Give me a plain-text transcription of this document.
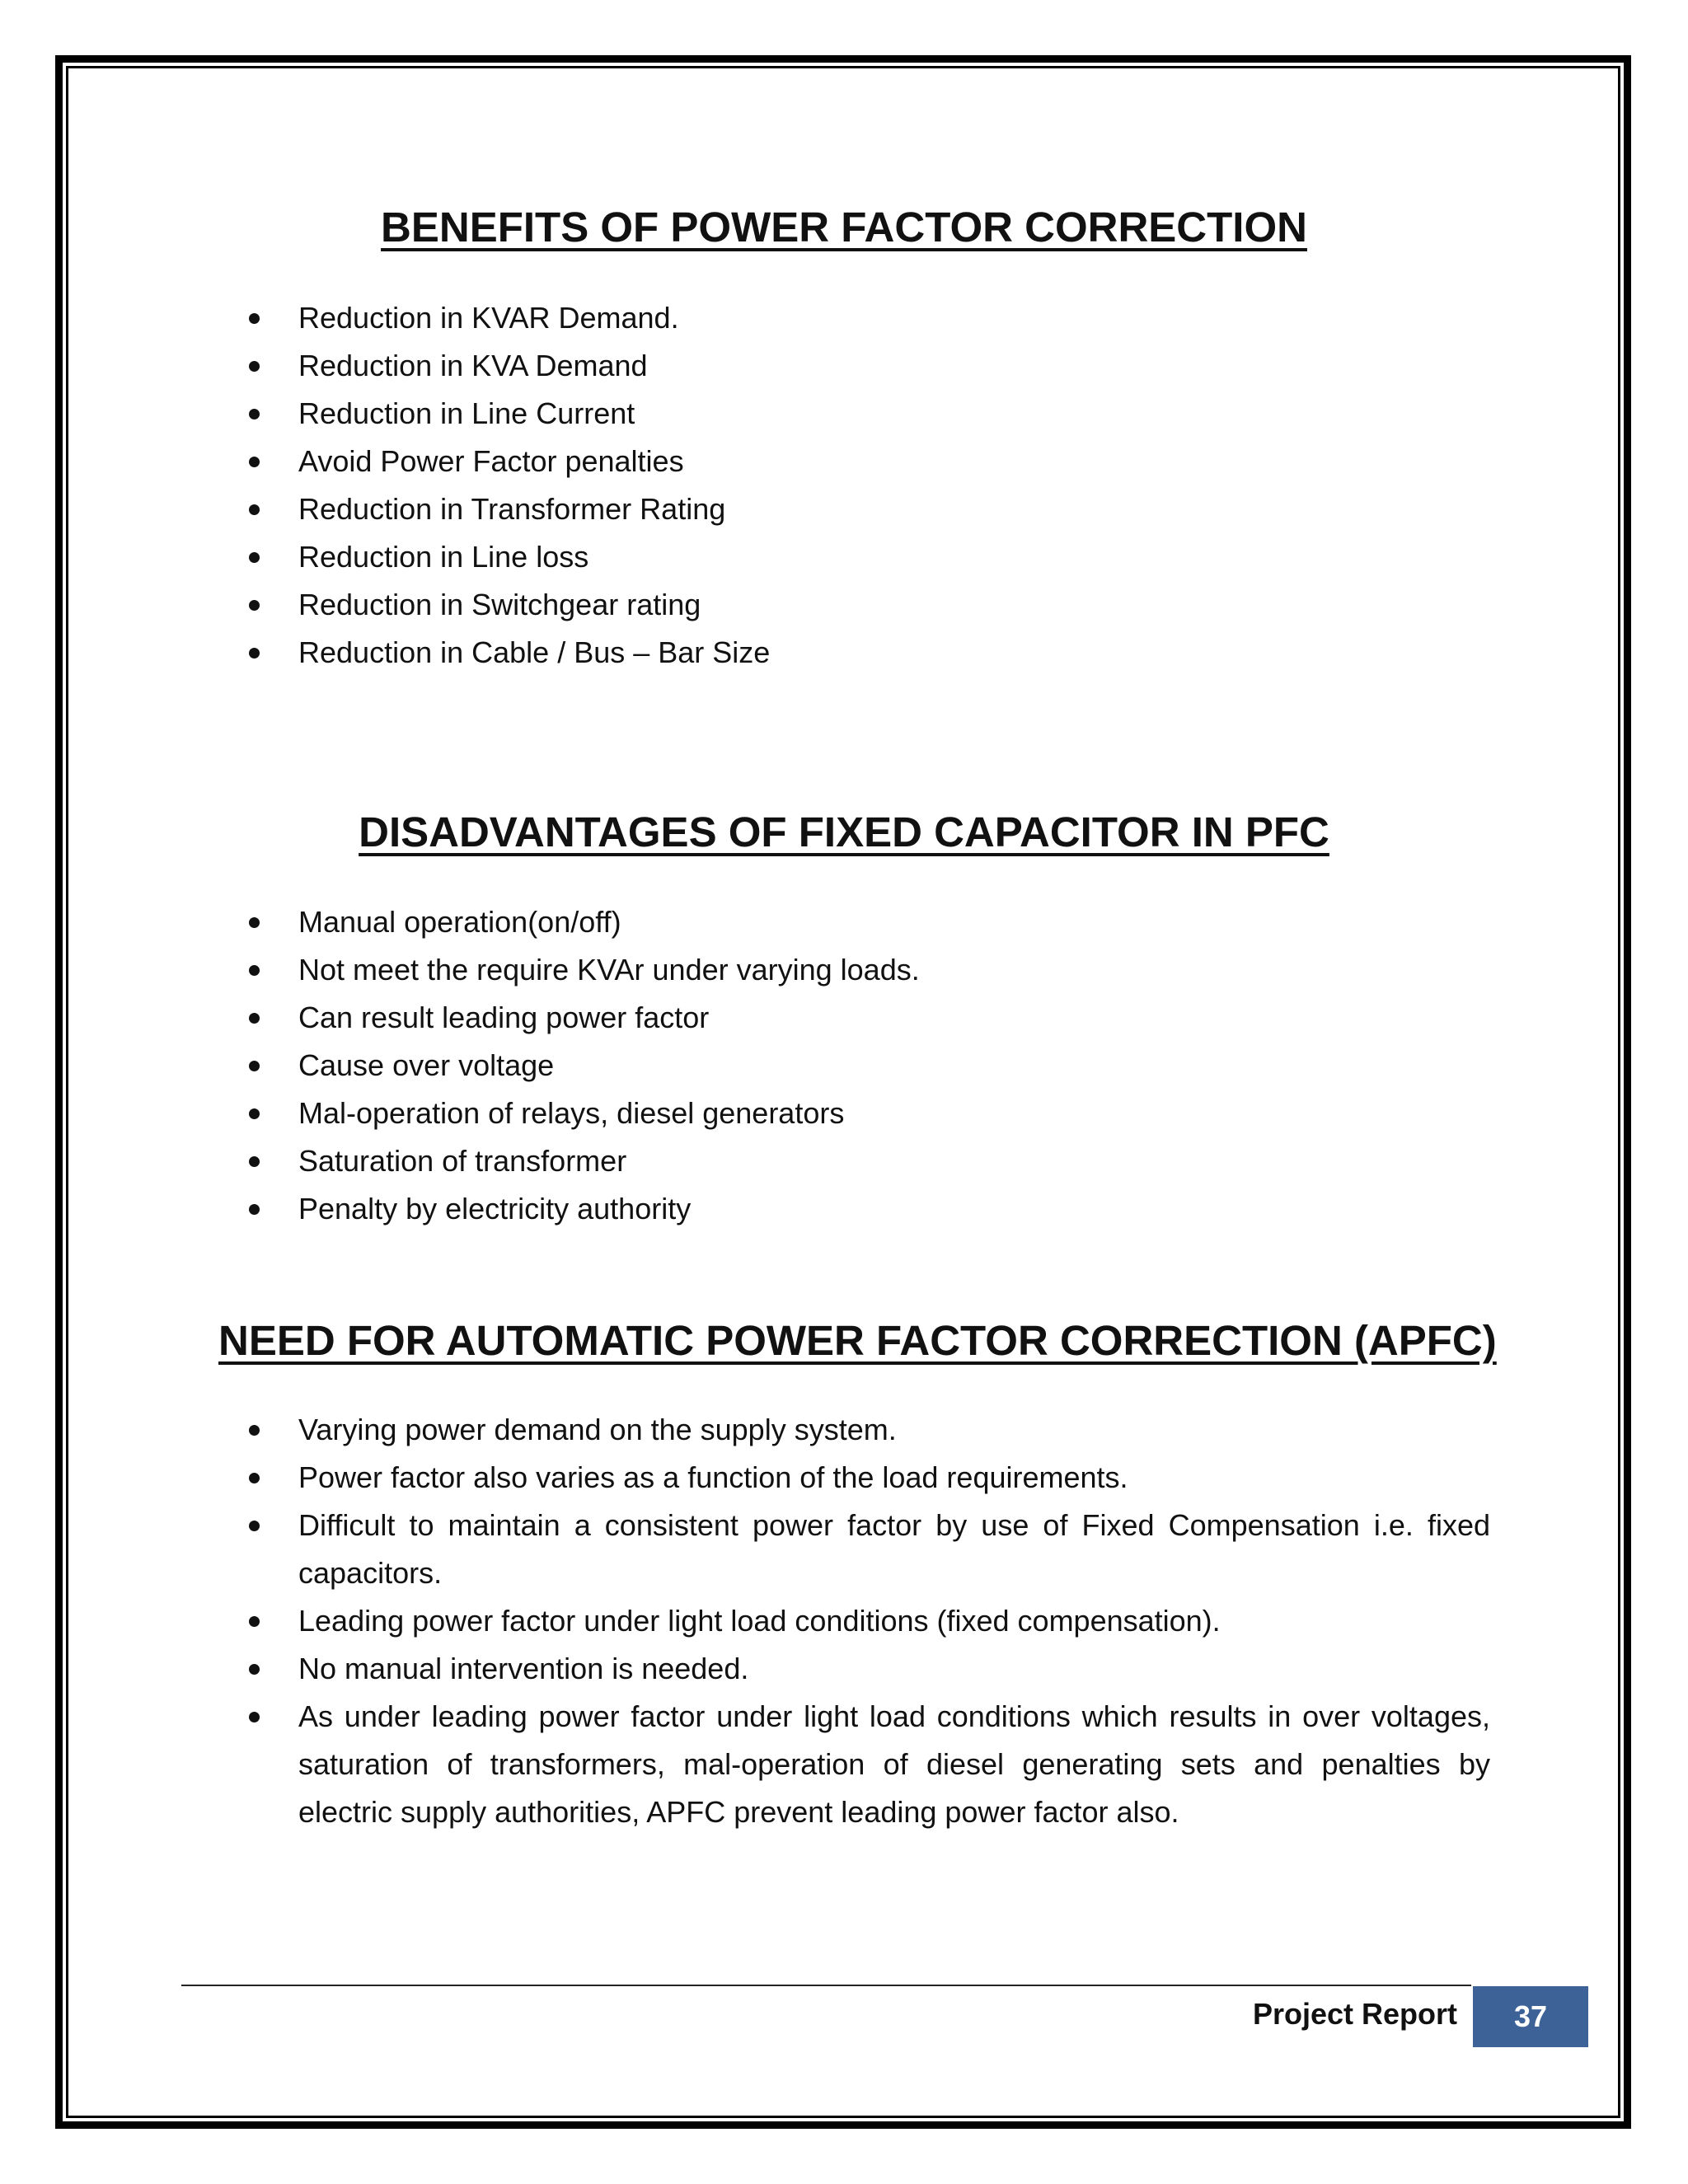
BENEFITS OF POWER FACTOR CORRECTION
Reduction in KVAR Demand.
Reduction in KVA Demand
Reduction in Line Current
Avoid Power Factor penalties
Reduction in Transformer Rating
Reduction in Line loss
Reduction in Switchgear rating
Reduction in Cable / Bus – Bar Size
DISADVANTAGES OF FIXED CAPACITOR IN PFC
Manual operation(on/off)
Not meet the require KVAr under varying loads.
Can result leading power factor
Cause over voltage
Mal-operation of relays, diesel generators
Saturation of transformer
Penalty by electricity authority
NEED FOR AUTOMATIC POWER FACTOR CORRECTION (APFC)
Varying power demand on the supply system.
Power factor also varies as a function of the load requirements.
Difficult to maintain a consistent power factor by use of Fixed Compensation i.e. fixed capacitors.
Leading power factor under light load conditions (fixed compensation).
No manual intervention is needed.
As under leading power factor under light load conditions which results in over voltages, saturation of transformers, mal-operation of diesel generating sets and penalties by electric supply authorities, APFC prevent leading power factor also.
Project Report 37
